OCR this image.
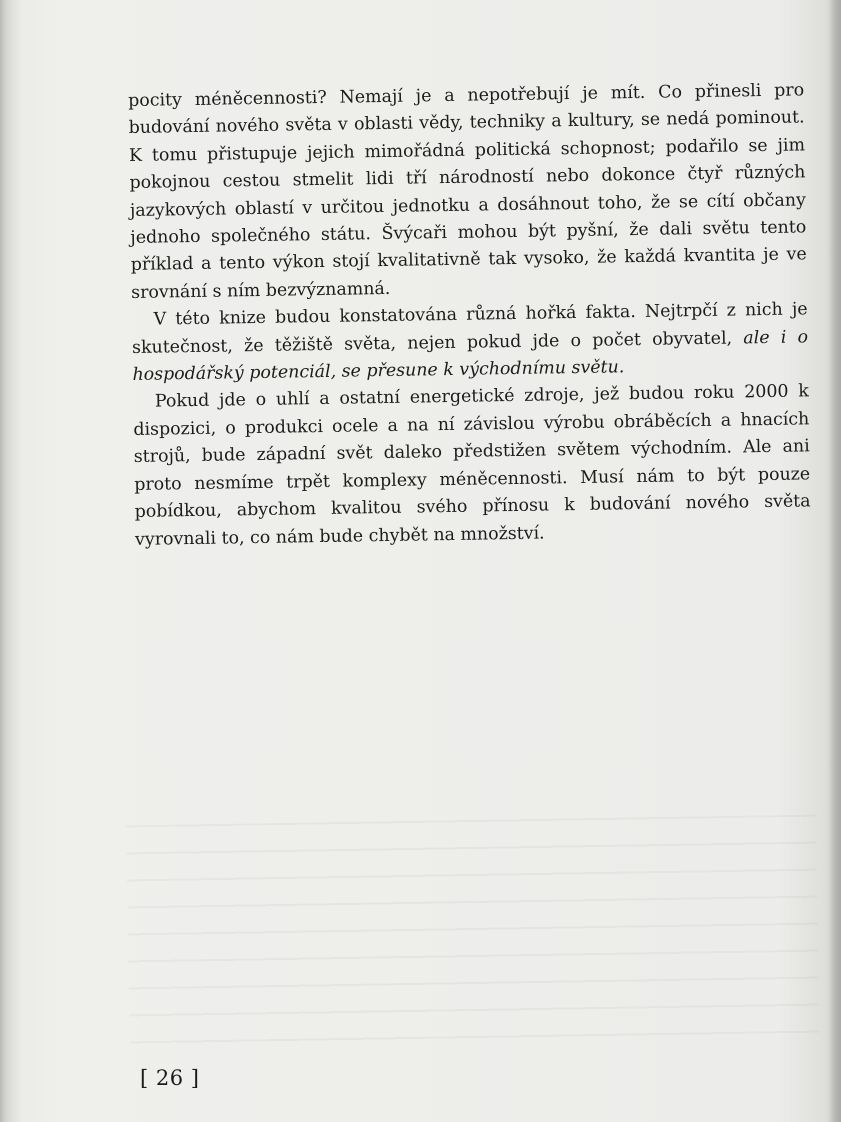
pocity méněcennosti? Nemají je a nepotřebují je mít. Co přinesli pro budování nového světa v oblasti vědy, techniky a kultury, se nedá pominout. K tomu přistupuje jejich mimořádná politická schopnost; podařilo se jim pokojnou cestou stmelit lidi tří národností nebo dokonce čtyř různých jazykových oblastí v určitou jednotku a dosáhnout toho, že se cítí občany jednoho společného státu. Švýcaři mohou být pyšní, že dali světu tento příklad a tento výkon stojí kvalitativně tak vysoko, že každá kvantita je ve srovnání s ním bezvýznamná.

V této knize budou konstatována různá hořká fakta. Nejtrpčí z nich je skutečnost, že těžiště světa, nejen pokud jde o počet obyvatel, ale i o hospodářský potenciál, se přesune k východnímu světu.

Pokud jde o uhlí a ostatní energetické zdroje, jež budou roku 2000 k dispozici, o produkci ocele a na ní závislou výrobu obráběcích a hnacích strojů, bude západní svět daleko předstižen světem východním. Ale ani proto nesmíme trpět komplexy méněcennosti. Musí nám to být pouze pobídkou, abychom kvalitou svého přínosu k budování nového světa vyrovnali to, co nám bude chybět na množství.

[ 26 ]
